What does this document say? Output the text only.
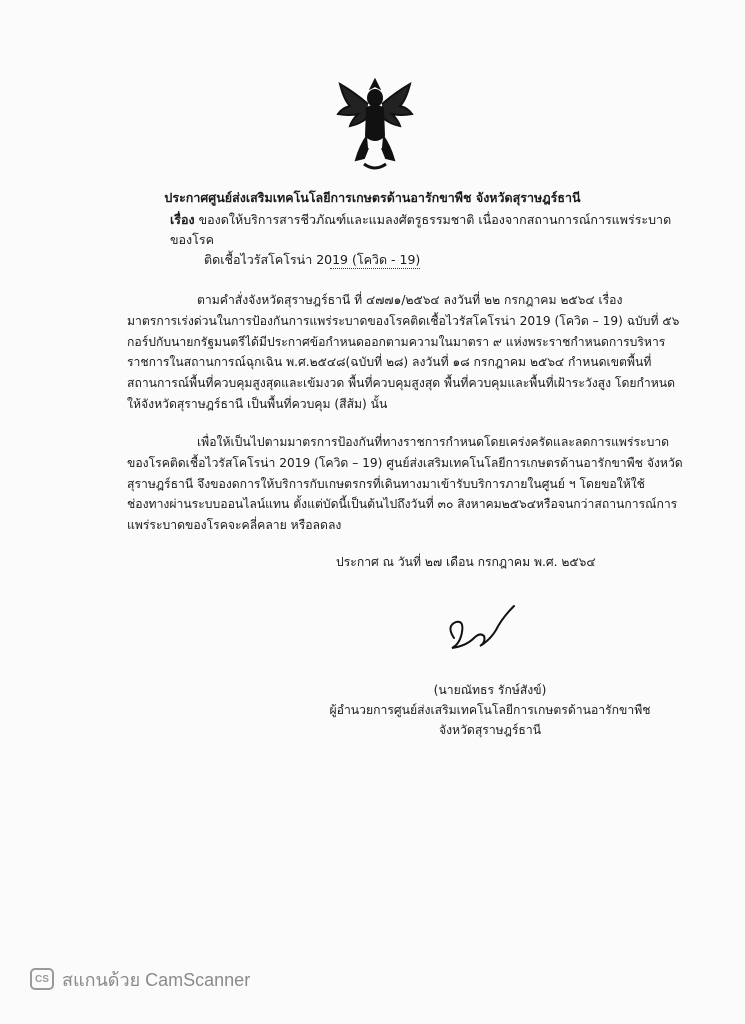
ประกาศศูนย์ส่งเสริมเทคโนโลยีการเกษตรด้านอารักขาพืช จังหวัดสุราษฎร์ธานี
เรื่อง ของดให้บริการสารชีวภัณฑ์และแมลงศัตรูธรรมชาติ เนื่องจากสถานการณ์การแพร่ระบาดของโรค
ติดเชื้อไวรัสโคโรน่า 2019 (โควิด - 19)
ตามคำสั่งจังหวัดสุราษฎร์ธานี ที่ ๔๗๗๑/๒๕๖๔ ลงวันที่ ๒๒ กรกฎาคม ๒๕๖๔ เรื่อง
มาตรการเร่งด่วนในการป้องกันการแพร่ระบาดของโรคติดเชื้อไวรัสโคโรน่า 2019 (โควิด – 19) ฉบับที่ ๕๖
กอร์ปกับนายกรัฐมนตรีได้มีประกาศข้อกำหนดออกตามความในมาตรา ๙ แห่งพระราชกำหนดการบริหาร
ราชการในสถานการณ์ฉุกเฉิน พ.ศ.๒๕๔๘(ฉบับที่ ๒๘) ลงวันที่ ๑๘ กรกฎาคม ๒๕๖๔ กำหนดเขตพื้นที่
สถานการณ์พื้นที่ควบคุมสูงสุดและเข้มงวด พื้นที่ควบคุมสูงสุด พื้นที่ควบคุมและพื้นที่เฝ้าระวังสูง โดยกำหนด
ให้จังหวัดสุราษฎร์ธานี เป็นพื้นที่ควบคุม (สีส้ม) นั้น
เพื่อให้เป็นไปตามมาตรการป้องกันที่ทางราชการกำหนดโดยเคร่งครัดและลดการแพร่ระบาด
ของโรคติดเชื้อไวรัสโคโรน่า 2019 (โควิด – 19) ศูนย์ส่งเสริมเทคโนโลยีการเกษตรด้านอารักขาพืช จังหวัด
สุราษฎร์ธานี จึงของดการให้บริการกับเกษตรกรที่เดินทางมาเข้ารับบริการภายในศูนย์ ฯ โดยขอให้ใช้
ช่องทางผ่านระบบออนไลน์แทน ตั้งแต่บัดนี้เป็นต้นไปถึงวันที่ ๓๐ สิงหาคม๒๕๖๔หรือจนกว่าสถานการณ์การ
แพร่ระบาดของโรคจะคลี่คลาย หรือลดลง
ประกาศ ณ วันที่ ๒๗ เดือน กรกฎาคม พ.ศ. ๒๕๖๔
(นายณัทธร รักษ์สังข์)
ผู้อำนวยการศูนย์ส่งเสริมเทคโนโลยีการเกษตรด้านอารักขาพืช
จังหวัดสุราษฎร์ธานี
CS สแกนด้วย CamScanner
